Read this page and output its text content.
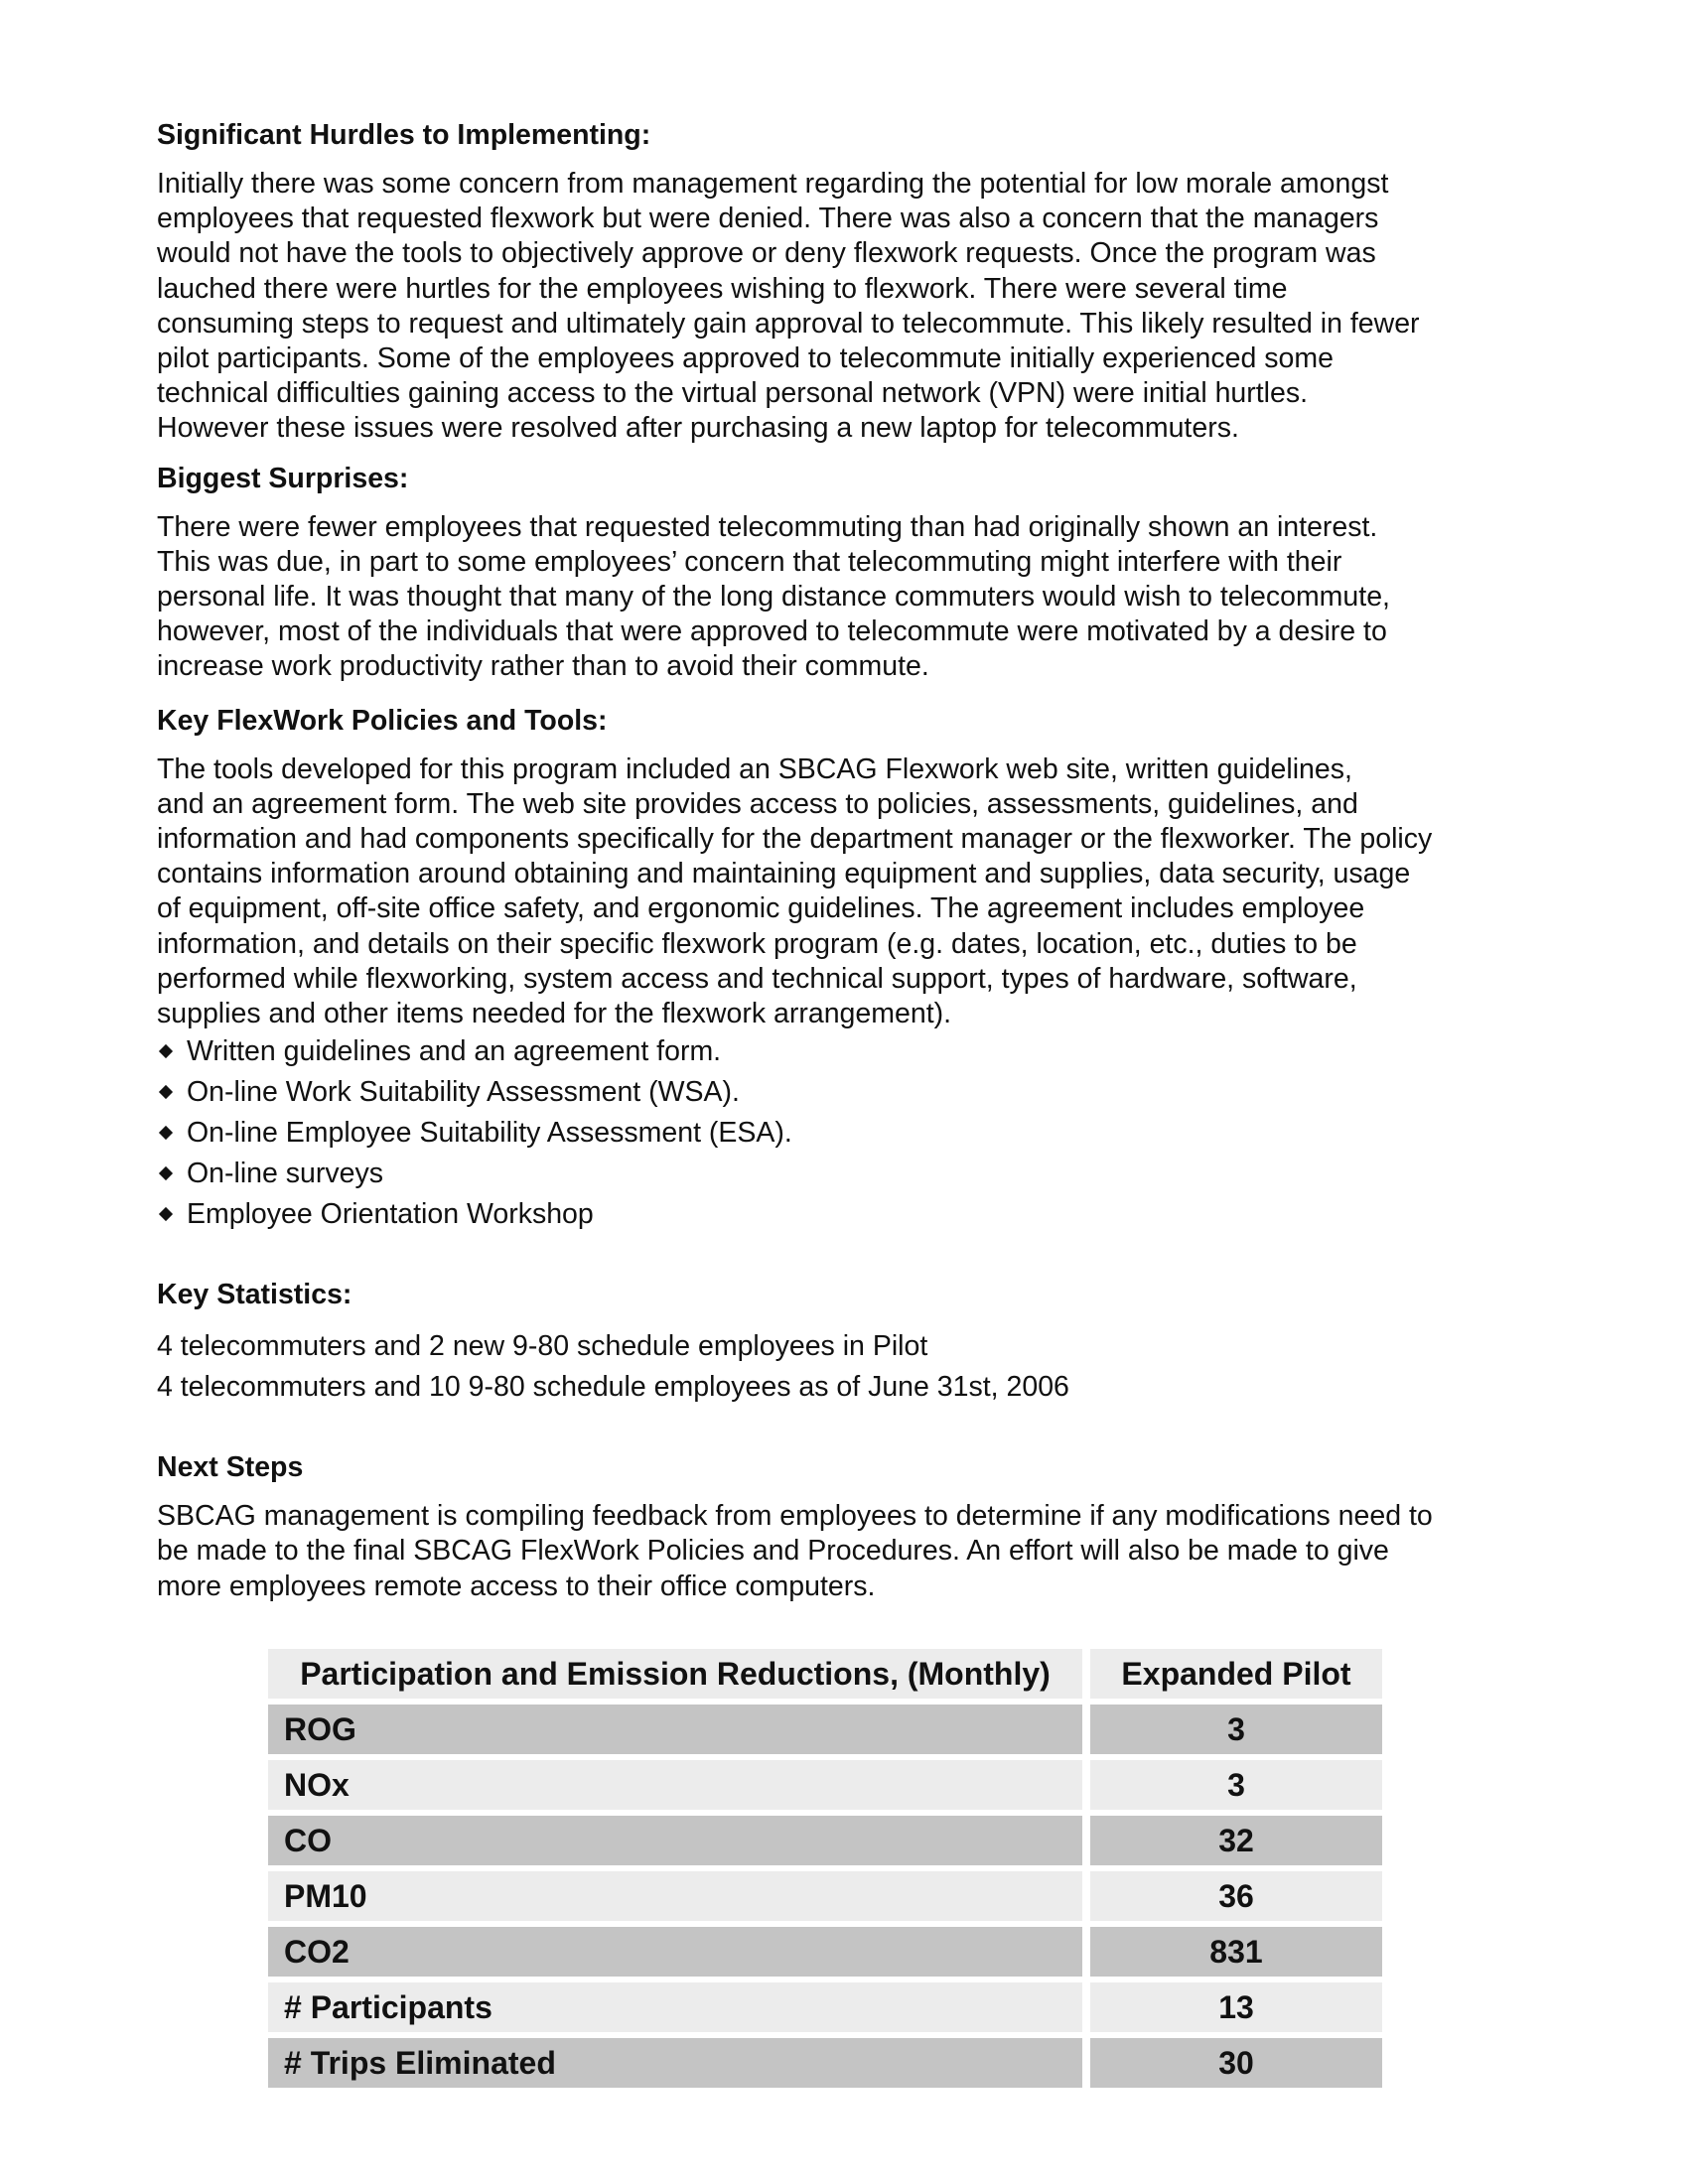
Significant Hurdles to Implementing:

Initially there was some concern from management regarding the potential for low morale amongst

employees that requested flexwork but were denied. There was also a concern that the managers

would not have the tools to objectively approve or deny flexwork requests. Once the program was

lauched there were hurtles for the employees wishing to flexwork. There were several time

consuming steps to request and ultimately gain approval to telecommute. This likely resulted in fewer

pilot participants. Some of the employees approved to telecommute initially experienced some

technical difficulties gaining access to the virtual personal network (VPN) were initial hurtles.

However these issues were resolved after purchasing a new laptop for telecommuters.

Biggest Surprises:

There were fewer employees that requested telecommuting than had originally shown an interest.

This was due, in part to some employees’ concern that telecommuting might interfere with their

personal life. It was thought that many of the long distance commuters would wish to telecommute,

however, most of the individuals that were approved to telecommute were motivated by a desire to

increase work productivity rather than to avoid their commute.

Key FlexWork Policies and Tools:

The tools developed for this program included an SBCAG Flexwork web site, written guidelines,

and an agreement form. The web site provides access to policies, assessments, guidelines, and

information and had components specifically for the department manager or the flexworker. The policy

contains information around obtaining and maintaining equipment and supplies, data security, usage

of equipment, off-site office safety, and ergonomic guidelines. The agreement includes employee

information, and details on their specific flexwork program (e.g. dates, location, etc., duties to be

performed while flexworking, system access and technical support, types of hardware, software,

supplies and other items needed for the flexwork arrangement).

Written guidelines and an agreement form.
On-line Work Suitability Assessment (WSA).
On-line Employee Suitability Assessment (ESA).
On-line surveys
Employee Orientation Workshop
Key Statistics:

4 telecommuters and 2 new 9-80 schedule employees in Pilot

4 telecommuters and 10 9-80 schedule employees as of June 31st, 2006

Next Steps

SBCAG management is compiling feedback from employees to determine if any modifications need to

be made to the final SBCAG FlexWork Policies and Procedures. An effort will also be made to give

more employees remote access to their office computers.

Participation and Emission Reductions, (Monthly)		Expanded Pilot
ROG		3
NOx		3
CO		32
PM10		36
CO2		831
# Participants		13
# Trips Eliminated		30
